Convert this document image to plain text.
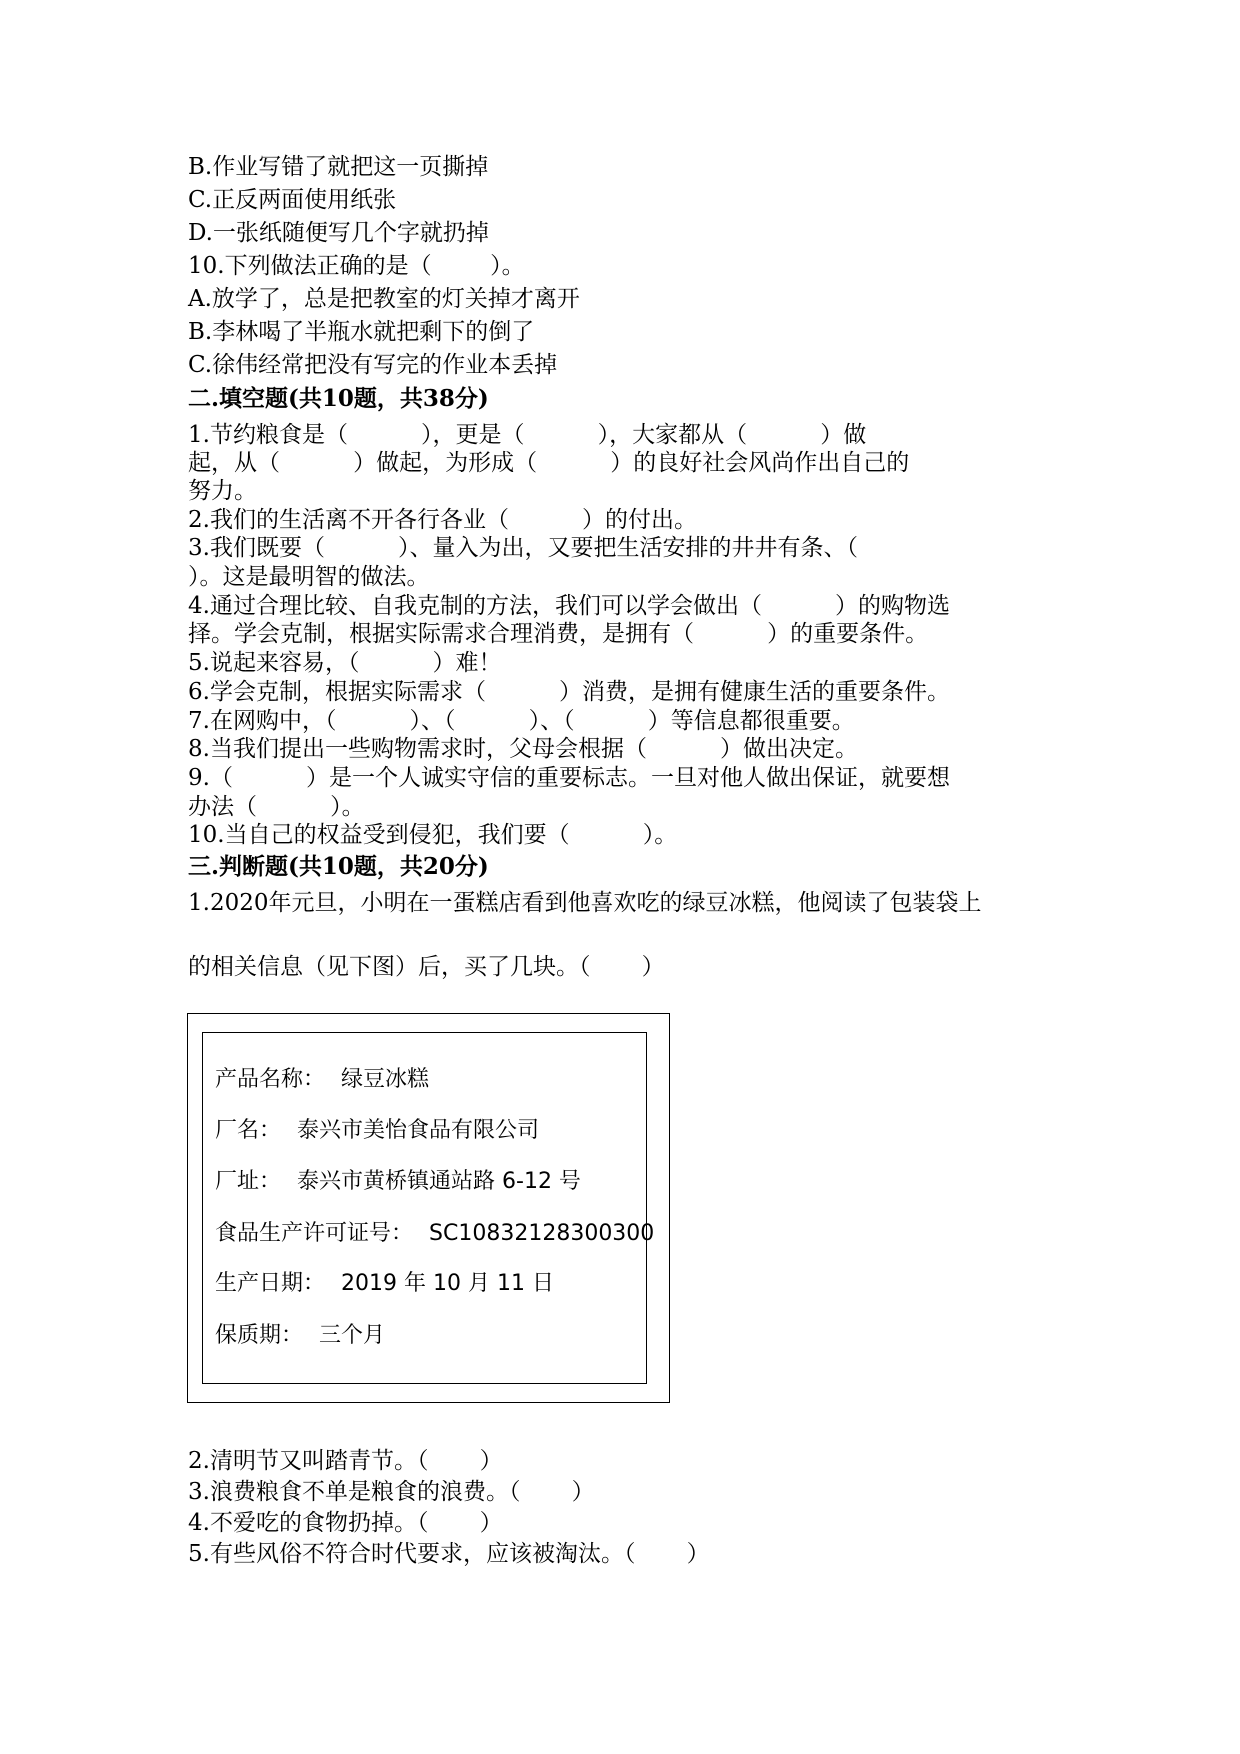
B.作业写错了就把这一页撕掉
C.正反两面使用纸张
D.一张纸随便写几个字就扔掉
10.下列做法正确的是（        ）。
A.放学了，总是把教室的灯关掉才离开
B.李林喝了半瓶水就把剩下的倒了
C.徐伟经常把没有写完的作业本丢掉
二.填空题(共10题，共38分)
1.节约粮食是（          ），更是（          ），大家都从（          ）做
起，从（          ）做起，为形成（          ）的良好社会风尚作出自己的
努力。
2.我们的生活离不开各行各业（          ）的付出。
3.我们既要（          ）、量入为出，又要把生活安排的井井有条、（
）。这是最明智的做法。
4.通过合理比较、自我克制的方法，我们可以学会做出（          ）的购物选
择。学会克制，根据实际需求合理消费，是拥有（          ）的重要条件。
5.说起来容易，（          ）难！
6.学会克制，根据实际需求（          ）消费，是拥有健康生活的重要条件。
7.在网购中，（          ）、（          ）、（          ）等信息都很重要。
8.当我们提出一些购物需求时，父母会根据（          ）做出决定。
9.（          ）是一个人诚实守信的重要标志。一旦对他人做出保证，就要想
办法（          ）。
10.当自己的权益受到侵犯，我们要（          ）。
三.判断题(共10题，共20分)
1.2020年元旦，小明在一蛋糕店看到他喜欢吃的绿豆冰糕，他阅读了包装袋上
的相关信息（见下图）后，买了几块。（       ）
产品名称： 绿豆冰糕
厂名： 泰兴市美怡食品有限公司
厂址： 泰兴市黄桥镇通站路 6-12 号
食品生产许可证号： SC10832128300300
生产日期： 2019 年 10 月 11 日
保质期： 三个月
2.清明节又叫踏青节。（       ）
3.浪费粮食不单是粮食的浪费。（       ）
4.不爱吃的食物扔掉。（       ）
5.有些风俗不符合时代要求，应该被淘汰。（       ）
